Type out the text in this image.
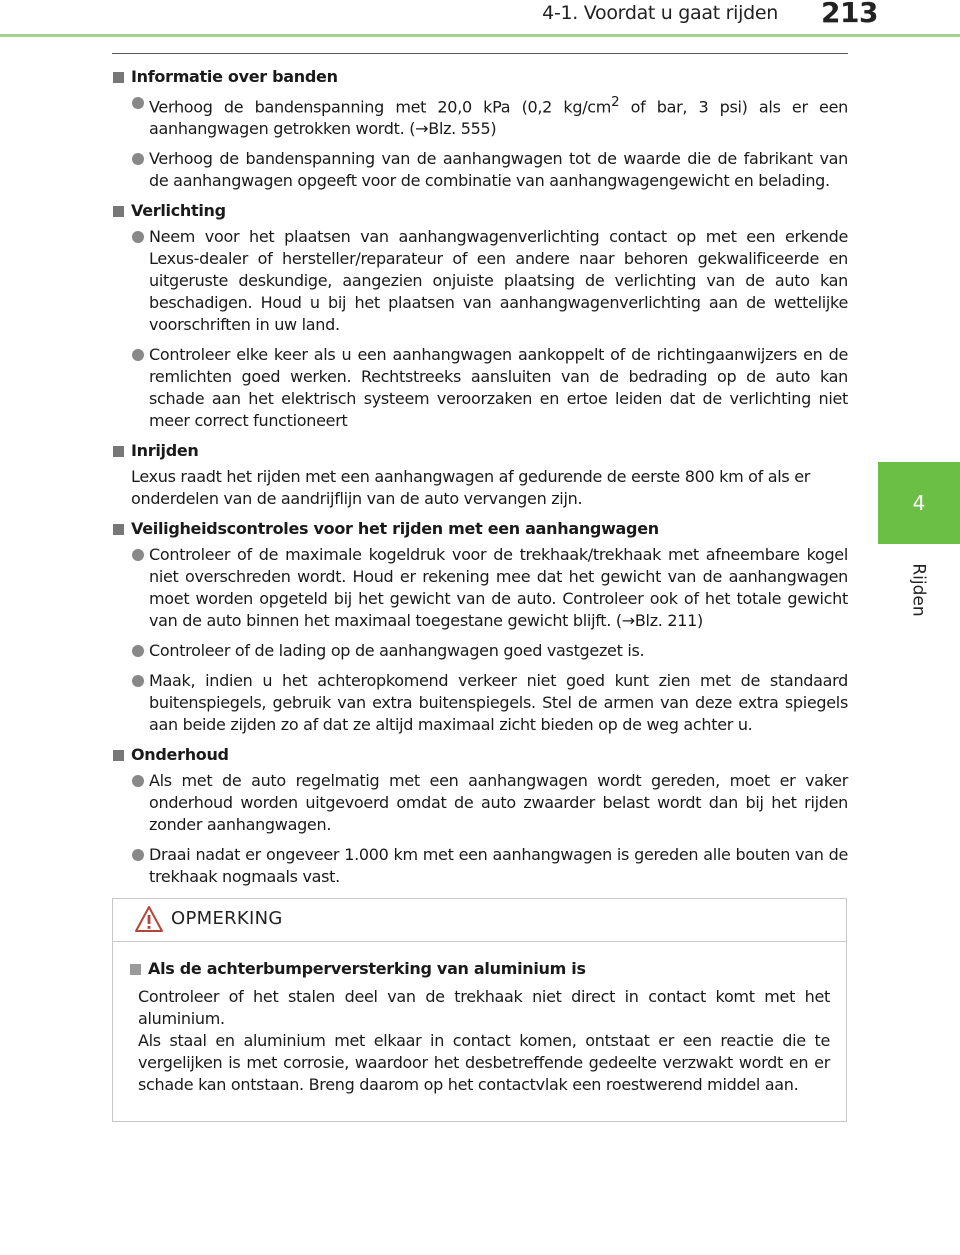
4-1. Voordat u gaat rijden 213
4
Rijden
Informatie over banden
Verhoog de bandenspanning met 20,0 kPa (0,2 $kg/cm^2$ of bar, 3 psi) als er een aanhangwagen getrokken wordt. (→Blz. 555)
Verhoog de bandenspanning van de aanhangwagen tot de waarde die de fabrikant van de aanhangwagen opgeeft voor de combinatie van aanhangwagengewicht en belading.
Verlichting
Neem voor het plaatsen van aanhangwagenverlichting contact op met een erkende Lexus-dealer of hersteller/reparateur of een andere naar behoren gekwalificeerde en uitgeruste deskundige, aangezien onjuiste plaatsing de verlichting van de auto kan beschadigen. Houd u bij het plaatsen van aanhangwagenverlichting aan de wettelijke voorschriften in uw land.
Controleer elke keer als u een aanhangwagen aankoppelt of de richtingaanwijzers en de remlichten goed werken. Rechtstreeks aansluiten van de bedrading op de auto kan schade aan het elektrisch systeem veroorzaken en ertoe leiden dat de verlichting niet meer correct functioneert
Inrijden
Lexus raadt het rijden met een aanhangwagen af gedurende de eerste 800 km of als er onderdelen van de aandrijflijn van de auto vervangen zijn.
Veiligheidscontroles voor het rijden met een aanhangwagen
Controleer of de maximale kogeldruk voor de trekhaak/trekhaak met afneembare kogel niet overschreden wordt. Houd er rekening mee dat het gewicht van de aanhangwagen moet worden opgeteld bij het gewicht van de auto. Controleer ook of het totale gewicht van de auto binnen het maximaal toegestane gewicht blijft. (→Blz. 211)
Controleer of de lading op de aanhangwagen goed vastgezet is.
Maak, indien u het achteropkomend verkeer niet goed kunt zien met de standaard buitenspiegels, gebruik van extra buitenspiegels. Stel de armen van deze extra spiegels aan beide zijden zo af dat ze altijd maximaal zicht bieden op de weg achter u.
Onderhoud
Als met de auto regelmatig met een aanhangwagen wordt gereden, moet er vaker onderhoud worden uitgevoerd omdat de auto zwaarder belast wordt dan bij het rijden zonder aanhangwagen.
Draai nadat er ongeveer 1.000 km met een aanhangwagen is gereden alle bouten van de trekhaak nogmaals vast.
OPMERKING
Als de achterbumperversterking van aluminium is

Controleer of het stalen deel van de trekhaak niet direct in contact komt met het aluminium.

Als staal en aluminium met elkaar in contact komen, ontstaat er een reactie die te vergelijken is met corrosie, waardoor het desbetreffende gedeelte verzwakt wordt en er schade kan ontstaan. Breng daarom op het contactvlak een roestwerend middel aan.
